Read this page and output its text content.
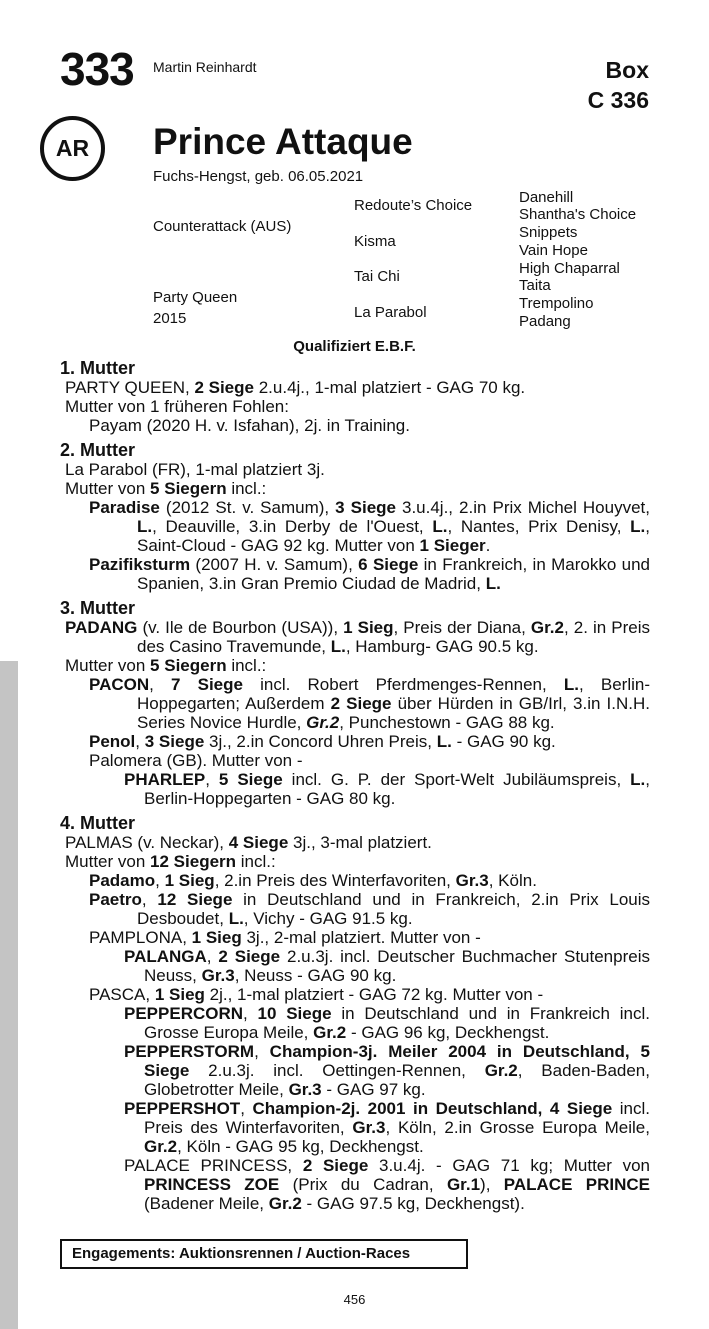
333 Martin Reinhardt	Box
C 336
AR	Prince Attaque
Fuchs-Hengst, geb. 06.05.2021
Counterattack (AUS)
Party Queen
2015
Redoute’s Choice
Kisma
Tai Chi
La Parabol
Danehill
Shantha's Choice
Snippets
Vain Hope
High Chaparral
Taita
Trempolino
Padang
Qualifiziert E.B.F.
1. Mutter
PARTY QUEEN, 2 Siege 2.u.4j., 1-mal platziert - GAG 70 kg.
Mutter von 1 früheren Fohlen:
Payam (2020 H. v. Isfahan), 2j. in Training.
2. Mutter
La Parabol (FR), 1-mal platziert 3j.
Mutter von 5 Siegern incl.:
Paradise (2012 St. v. Samum), 3 Siege 3.u.4j., 2.in Prix Michel Houyvet, L., Deauville, 3.in Derby de l'Ouest, L., Nantes, Prix Denisy, L., Saint-Cloud - GAG 92 kg. Mutter von 1 Sieger.
Pazifiksturm (2007 H. v. Samum), 6 Siege in Frankreich, in Marokko und Spanien, 3.in Gran Premio Ciudad de Madrid, L.
3. Mutter
PADANG (v. Ile de Bourbon (USA)), 1 Sieg, Preis der Diana, Gr.2, 2. in Preis des Casino Travemunde, L., Hamburg- GAG 90.5 kg.
Mutter von 5 Siegern incl.:
PACON, 7 Siege incl. Robert Pferdmenges-Rennen, L., Berlin-Hoppegarten; Außerdem 2 Siege über Hürden in GB/Irl, 3.in I.N.H. Series Novice Hurdle, Gr.2, Punchestown - GAG 88 kg.
Penol, 3 Siege 3j., 2.in Concord Uhren Preis, L. - GAG 90 kg.
Palomera (GB). Mutter von -
PHARLEP, 5 Siege incl. G. P. der Sport-Welt Jubiläumspreis, L., Berlin-Hoppegarten - GAG 80 kg.
4. Mutter
PALMAS (v. Neckar), 4 Siege 3j., 3-mal platziert.
Mutter von 12 Siegern incl.:
Padamo, 1 Sieg, 2.in Preis des Winterfavoriten, Gr.3, Köln.
Paetro, 12 Siege in Deutschland und in Frankreich, 2.in Prix Louis Desboudet, L., Vichy - GAG 91.5 kg.
PAMPLONA, 1 Sieg 3j., 2-mal platziert. Mutter von -
PALANGA, 2 Siege 2.u.3j. incl. Deutscher Buchmacher Stutenpreis Neuss, Gr.3, Neuss - GAG 90 kg.
PASCA, 1 Sieg 2j., 1-mal platziert - GAG 72 kg. Mutter von -
PEPPERCORN, 10 Siege in Deutschland und in Frankreich incl. Grosse Europa Meile, Gr.2 - GAG 96 kg, Deckhengst.
PEPPERSTORM, Champion-3j. Meiler 2004 in Deutschland, 5 Siege 2.u.3j. incl. Oettingen-Rennen, Gr.2, Baden-Baden, Globetrotter Meile, Gr.3 - GAG 97 kg.
PEPPERSHOT, Champion-2j. 2001 in Deutschland, 4 Siege incl. Preis des Winterfavoriten, Gr.3, Köln, 2.in Grosse Europa Meile, Gr.2, Köln - GAG 95 kg, Deckhengst.
PALACE PRINCESS, 2 Siege 3.u.4j. - GAG 71 kg; Mutter von PRINCESS ZOE (Prix du Cadran, Gr.1), PALACE PRINCE (Badener Meile, Gr.2 - GAG 97.5 kg, Deckhengst).
Engagements: Auktionsrennen / Auction-Races
456
